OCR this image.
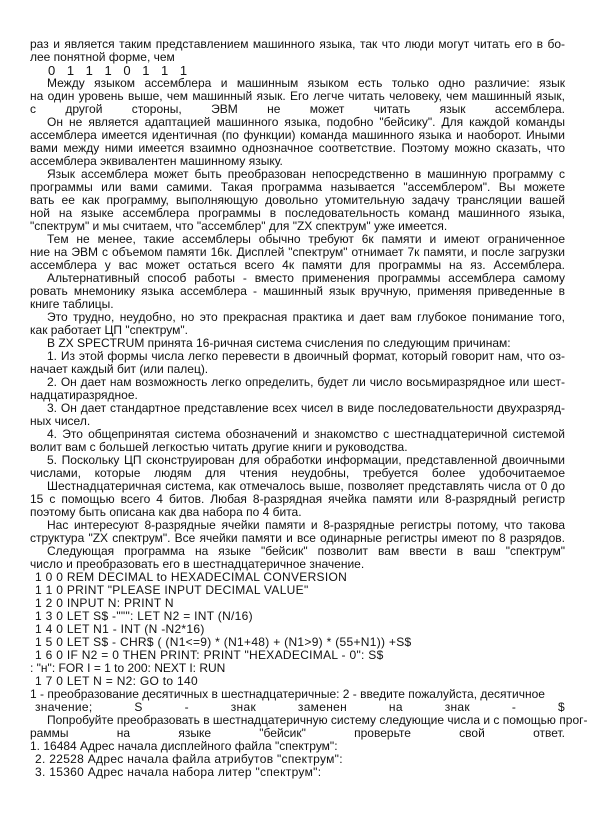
раз и является таким представлением машинного языка, так что люди могут читать его в бо-
лее понятной форме, чем
0 1 1 1 0 1 1 1
Между языком ассемблера и машинным языком есть только одно различие: язык
на один уровень выше, чем машинный язык. Его легче читать человеку, чем машинный язык,
с другой стороны, ЭВМ не может читать язык ассемблера.
Он не является адаптацией машинного языка, подобно "бейсику". Для каждой команды
ассемблера имеется идентичная (по функции) команда машинного языка и наоборот. Иными
вами между ними имеется взаимно однозначное соответствие. Поэтому можно сказать, что
ассемблера эквивалентен машинному языку.
Язык ассемблера может быть преобразован непосредственно в машинную программу с
программы или вами самими. Такая программа называется "ассемблером". Вы можете
вать ее как программу, выполняющую довольно утомительную задачу трансляции вашей
ной на языке ассемблера программы в последовательность команд машинного языка,
"спектрум" и мы считаем, что "ассемблер" для "ZX спектрум" уже имеется.
Тем не менее, такие ассемблеры обычно требуют 6к памяти и имеют ограниченное
ние на ЭВМ с объемом памяти 16к. Дисплей "спектрум" отнимает 7к памяти, и после загрузки
ассемблера у вас может остаться всего 4к памяти для программы на яз. Ассемблера.
Альтернативный способ работы - вместо применения программы ассемблера самому
ровать мнемонику языка ассемблера - машинный язык вручную, применяя приведенные в
книге таблицы.
Это трудно, неудобно, но это прекрасная практика и дает вам глубокое понимание того,
как работает ЦП "спектрум".
В ZX SPECTRUM принята 16-ричная система счисления по следующим причинам:
1. Из этой формы числа легко перевести в двоичный формат, который говорит нам, что оз-
начает каждый бит (или палец).
2. Он дает нам возможность легко определить, будет ли число восьмиразрядное или шест-
надцатиразрядное.
3. Он дает стандартное представление всех чисел в виде последовательности двухразряд-
ных чисел.
4. Это общепринятая система обозначений и знакомство с шестнадцатеричной системой
волит вам с большей легкостью читать другие книги и руководства.
5. Поскольку ЦП сконструирован для обработки информации, представленной двоичными
числами, которые людям для чтения неудобны, требуется более удобочитаемое
Шестнадцатеричная система, как отмечалось выше, позволяет представлять числа от 0 до
15 с помощью всего 4 битов. Любая 8-разрядная ячейка памяти или 8-разрядный регистр
поэтому быть описана как два набора по 4 бита.
Нас интересуют 8-разрядные ячейки памяти и 8-разрядные регистры потому, что такова
структура "ZX спектрум". Все ячейки памяти и все одинарные регистры имеют по 8 разрядов.
Следующая программа на языке "бейсик" позволит вам ввести в ваш "спектрум"
число и преобразовать его в шестнадцатеричное значение.
1 0 0 REM DECIMAL to HEXADECIMAL CONVERSION
1 1 0 PRINT "PLEASE INPUT DECIMAL VALUE"
1 2 0 INPUT N: PRINT N
1 3 0 LET S$ -""": LET N2 = INT (N/16)
1 4 0 LET N1 - INT (N -N2*16)
1 5 0 LET S$ - CHR$ ( (N1<=9) * (N1+48) + (N1>9) * (55+N1)) +S$
1 6 0 IF N2 = 0 THEN PRINT: PRINT "HEXADECIMAL - 0": S$
: "н": FOR I = 1 to 200: NEXT I: RUN
1 7 0 LET N = N2: GO to 140
1 - преобразование десятичных в шестнадцатеричные: 2 - введите пожалуйста, десятичное
значение; S - знак заменен на знак - $
Попробуйте преобразовать в шестнадцатеричную систему следующие числа и с помощью прог-
раммы на языке "бейсик" проверьте свой ответ.
1. 16484 Адрес начала дисплейного файла "спектрум":
2. 22528 Адрес начала файла атрибутов "спектрум":
3. 15360 Адрес начала набора литер "спектрум":
